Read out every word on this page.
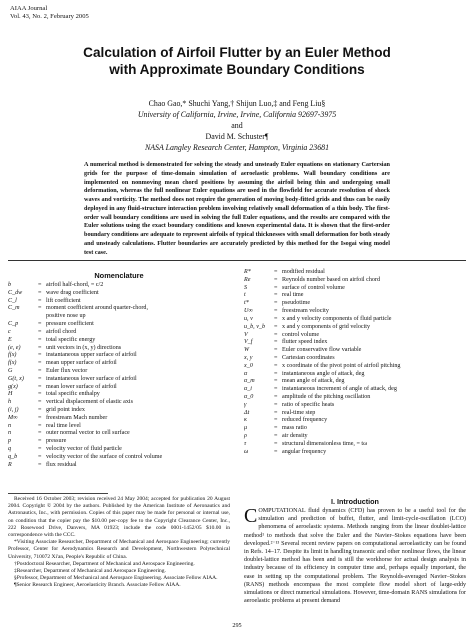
AIAA Journal
Vol. 43, No. 2, February 2005
Calculation of Airfoil Flutter by an Euler Method
with Approximate Boundary Conditions
Chao Gao,* Shuchi Yang,† Shijun Luo,‡ and Feng Liu§
University of California, Irvine, Irvine, California 92697-3975
and
David M. Schuster¶
NASA Langley Research Center, Hampton, Virginia 23681
A numerical method is demonstrated for solving the steady and unsteady Euler equations on stationary Cartersian grids for the purpose of time-domain simulation of aeroelastic problems. Wall boundary conditions are implemented on nonmoving mean chord positions by assuming the airfoil being thin and undergoing small deformation, whereas the full nonlinear Euler equations are used in the flowfield for accurate resolution of shock waves and vorticity. The method does not require the generation of moving body-fitted grids and thus can be easily deployed in any fluid-structure interaction problem involving relatively small deformation of a thin body. The first-order wall boundary conditions are used in solving the full Euler equations, and the results are compared with the Euler solutions using the exact boundary conditions and known experimental data. It is shown that the first-order boundary conditions are adequate to represent airfoils of typical thicknesses with small deformation for both steady and unsteady calculations. Flutter boundaries are accurately predicted by this method for the Isogai wing model test case.
Nomenclature
b	= airfoil half-chord, = c/2
C_dw	= wave drag coefficient
C_l	= lift coefficient
C_m	= moment coefficient around quarter-chord,
positive nose up
C_p	= pressure coefficient
c	= airfoil chord
E	= total specific energy
(e, e)	= unit vectors in (x, y) directions
f(x)	= instantaneous upper surface of airfoil
f(x)	= mean upper surface of airfoil
G	= Euler flux vector
G(t, x)	= instantaneous lower surface of airfoil
g(x)	= mean lower surface of airfoil
H	= total specific enthalpy
h	= vertical displacement of elastic axis
(i, j)	= grid point index
M∞	= freestream Mach number
n	= real time level
n	= outer normal vector to cell surface
p	= pressure
q	= velocity vector of fluid particle
q_b	= velocity vector of the surface of control volume
R	= flux residual
R*	= modified residual
Re	= Reynolds number based on airfoil chord
S	= surface of control volume
t	= real time
t*	= pseudotime
U∞	= freestream velocity
u, v	= x and y velocity components of fluid particle
u_b, v_b	= x and y components of grid velocity
V	= control volume
V_f	= flutter speed index
W	= Euler conservative flow variable
x, y	= Cartesian coordinates
x_0	= x coordinate of the pivot point of airfoil pitching
α	= instantaneous angle of attack, deg
α_m	= mean angle of attack, deg
α_i	= instantaneous increment of angle of attack, deg
α_0	= amplitude of the pitching oscillation
γ	= ratio of specific heats
Δt	= real-time step
κ	= reduced frequency
μ	= mass ratio
ρ	= air density
τ	= structural dimensionless time, = tω
ω	= angular frequency

Received 16 October 2003; revision received 24 May 2004; accepted for publication 20 August 2004. Copyright © 2004 by the authors. Published by the American Institute of Aeronautics and Astronautics, Inc., with permission. Copies of this paper may be made for personal or internal use, on condition that the copier pay the $10.00 per-copy fee to the Copyright Clearance Center, Inc., 222 Rosewood Drive, Danvers, MA 01923; include the code 0001-1452/05 $10.00 in correspondence with the CCC.

*Visiting Associate Researcher, Department of Mechanical and Aerospace Engineering; currently Professor, Center for Aerodynamics Research and Development, Northwestern Polytechnical University, 710072 Xi'an, People's Republic of China.

†Postdoctoral Researcher, Department of Mechanical and Aerospace Engineering.

‡Researcher, Department of Mechanical and Aerospace Engineering.

§Professor, Department of Mechanical and Aerospace Engineering. Associate Fellow AIAA.

¶Senior Research Engineer, Aeroelasticity Branch. Associate Fellow AIAA.

I. Introduction
COMPUTATIONAL fluid dynamics (CFD) has proven to be a useful tool for the simulation and prediction of buffet, flutter, and limit-cycle-oscillation (LCO) phenomena of aeroelastic systems. Methods ranging from the linear doublet-lattice method¹ to methods that solve the Euler and the Navier–Stokes equations have been developed.²⁻¹³ Several recent review papers on computational aeroelasticity can be found in Refs. 14–17. Despite its limit in handling transonic and other nonlinear flows, the linear doublet-lattice method has been and is still the workhorse for actual design analysis in industry because of its efficiency in computer time and, perhaps equally important, the ease in setting up the computational problem. The Reynolds-averaged Navier–Stokes (RANS) methods encompass the most complete flow model short of large-eddy simulations or direct numerical simulations. However, time-domain RANS simulations for aeroelastic problems at present demand
295
